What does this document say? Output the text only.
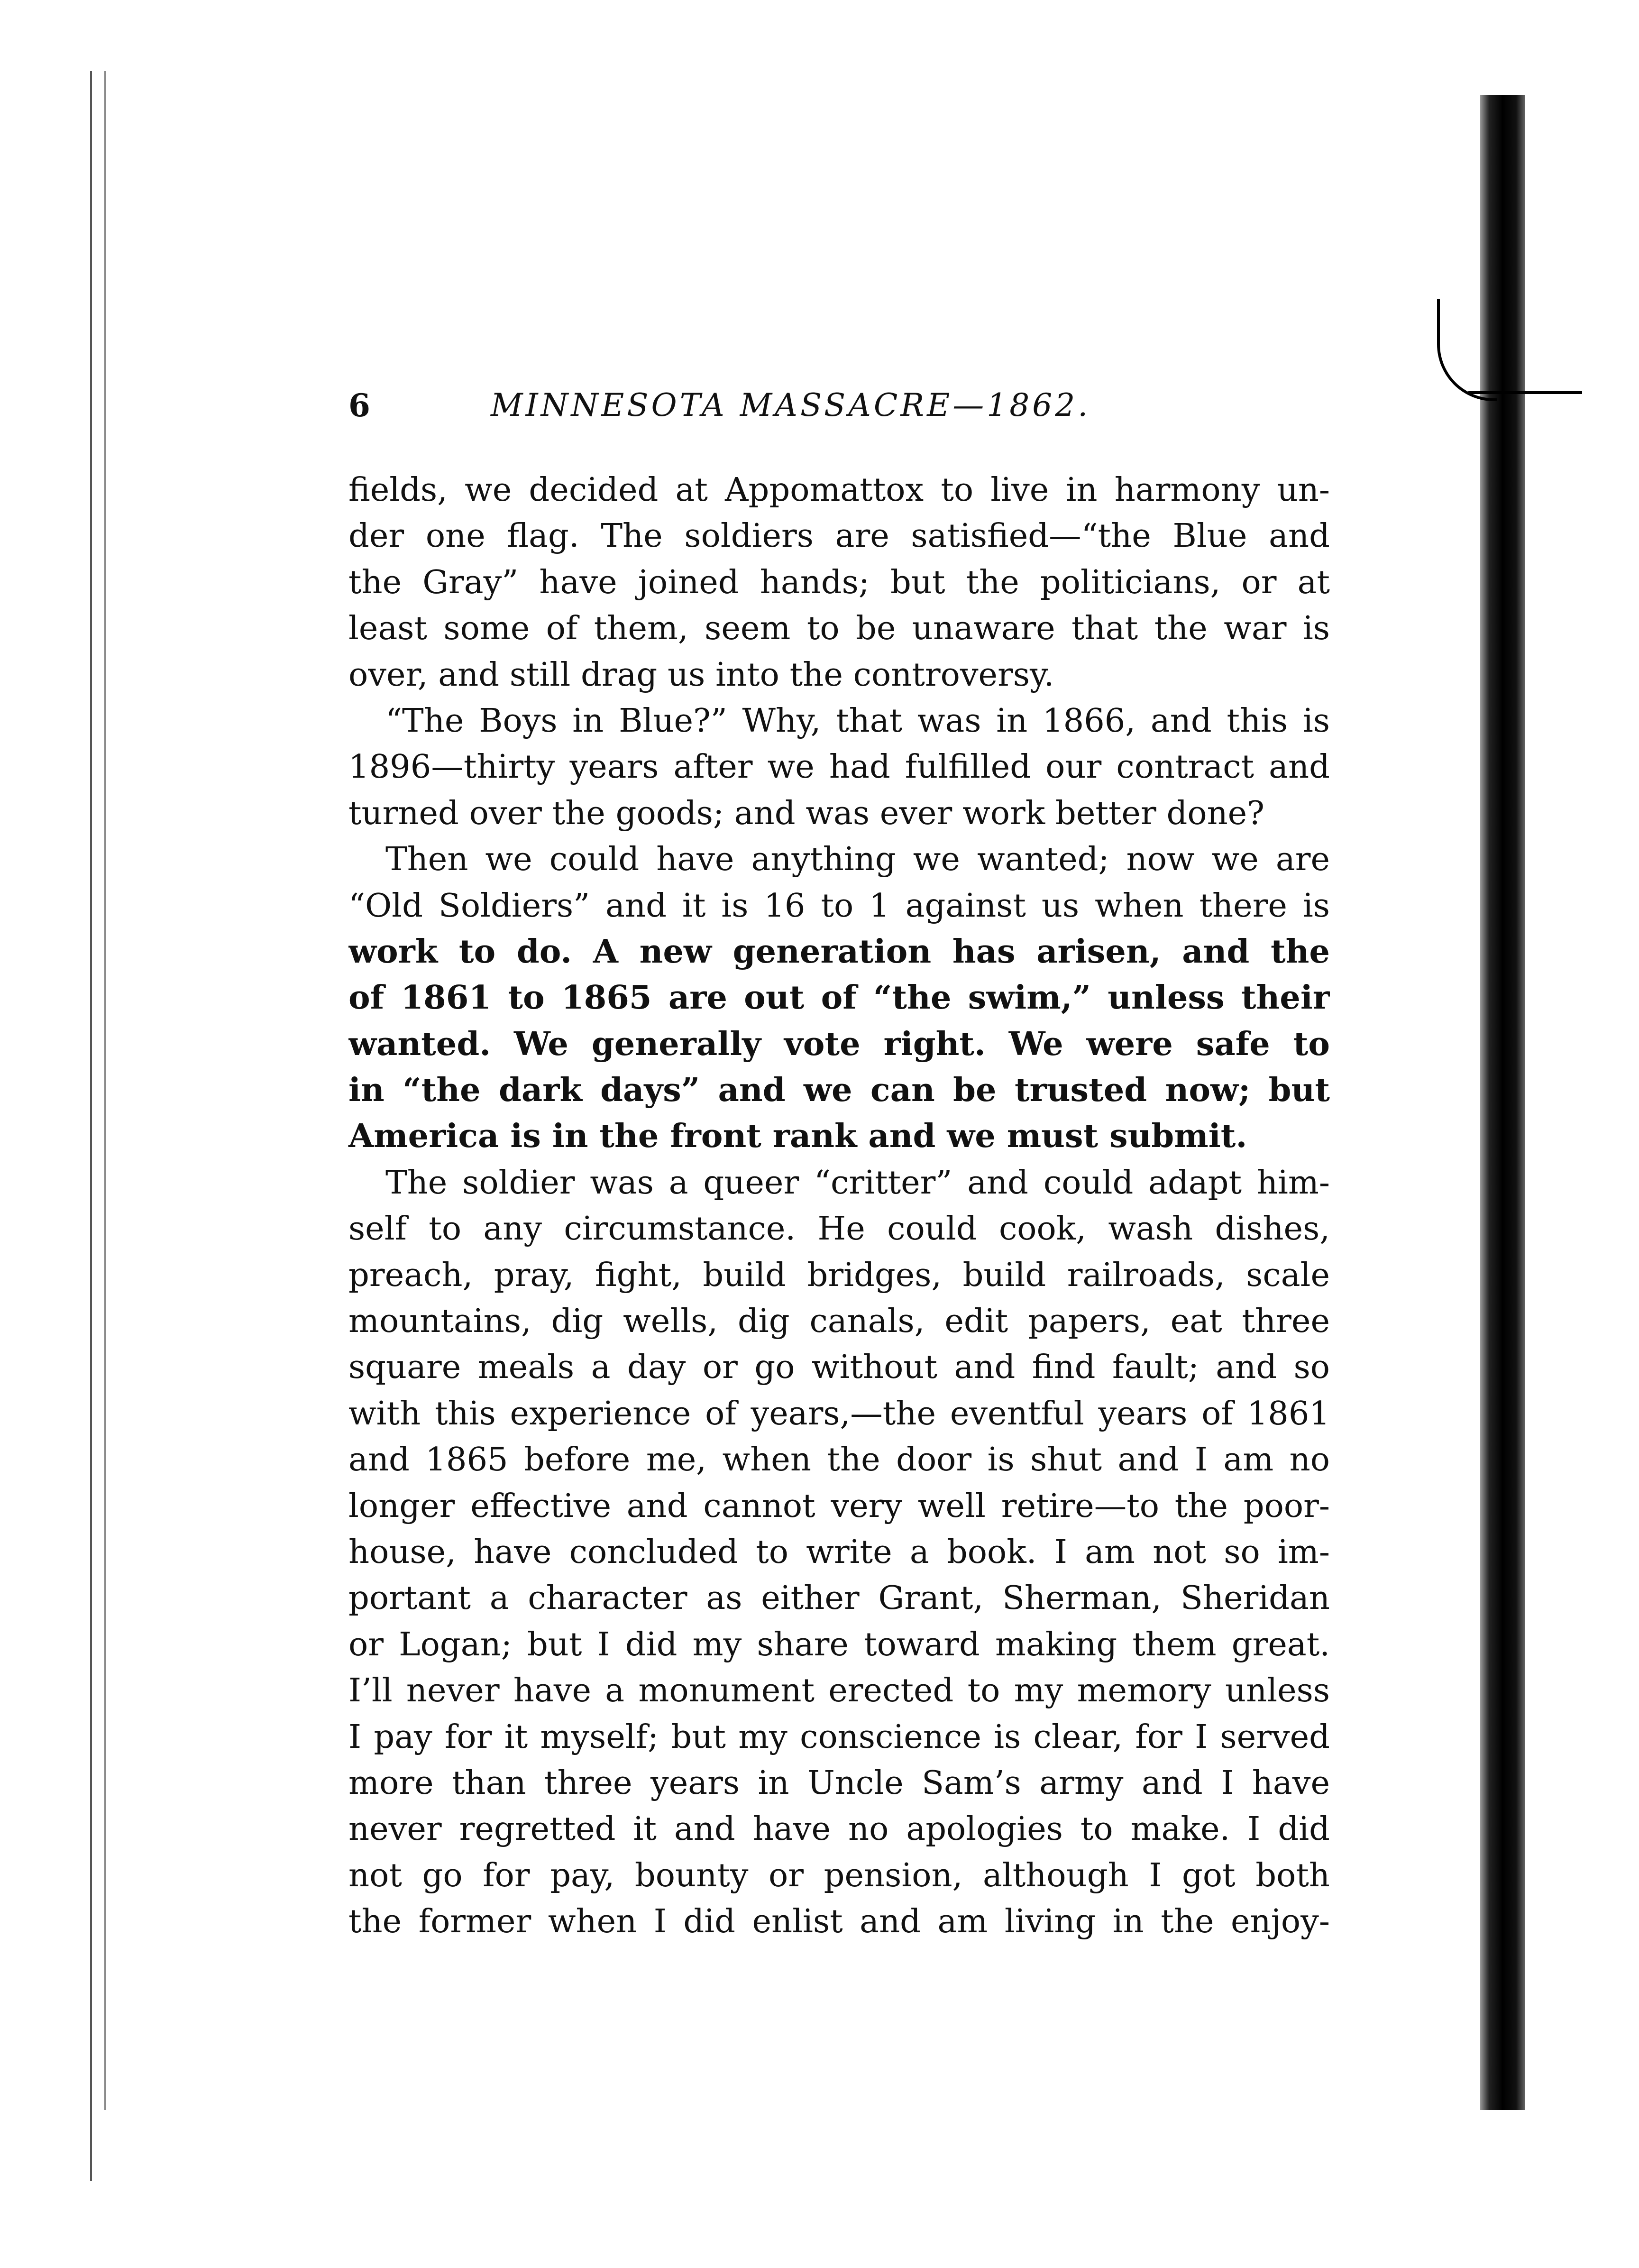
6	MINNESOTA MASSACRE—1862.
fields, we decided at Appomattox to live in harmony un-
der one flag. The soldiers are satisfied—“the Blue and
the Gray” have joined hands; but the politicians, or at
least some of them, seem to be unaware that the war is
over, and still drag us into the controversy.
“The Boys in Blue?” Why, that was in 1866, and this is
1896—thirty years after we had fulfilled our contract and
turned over the goods; and was ever work better done?
Then we could have anything we wanted; now we are
“Old Soldiers” and it is 16 to 1 against us when there is
work to do. A new generation has arisen, and the
of 1861 to 1865 are out of “the swim,” unless their
wanted. We generally vote right. We were safe to
in “the dark days” and we can be trusted now; but
America is in the front rank and we must submit.
The soldier was a queer “critter” and could adapt him-
self to any circumstance. He could cook, wash dishes,
preach, pray, fight, build bridges, build railroads, scale
mountains, dig wells, dig canals, edit papers, eat three
square meals a day or go without and find fault; and so
with this experience of years,—the eventful years of 1861
and 1865 before me, when the door is shut and I am no
longer effective and cannot very well retire—to the poor-
house, have concluded to write a book. I am not so im-
portant a character as either Grant, Sherman, Sheridan
or Logan; but I did my share toward making them great.
I’ll never have a monument erected to my memory unless
I pay for it myself; but my conscience is clear, for I served
more than three years in Uncle Sam’s army and I have
never regretted it and have no apologies to make. I did
not go for pay, bounty or pension, although I got both
the former when I did enlist and am living in the enjoy-
